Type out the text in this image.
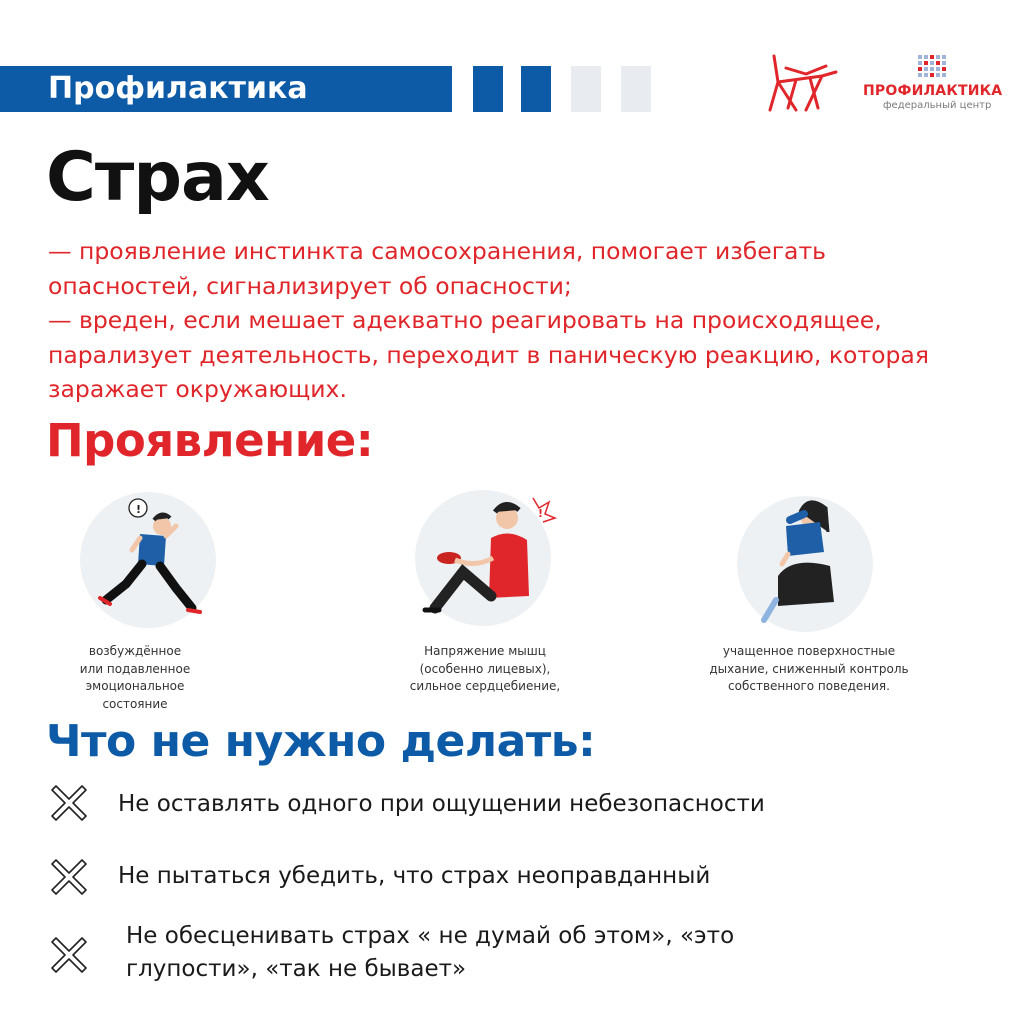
Профилактика	ПРОФИЛАКТИКА
федеральный центр
Страх

— проявление инстинкта самосохранения, помогает избегать

опасностей, сигнализирует об опасности;

— вреден, если мешает адекватно реагировать на происходящее,

парализует деятельность, переходит в паническую реакцию, которая

заражает окружающих.

Проявление:
!	!
возбуждённое
или подавленное
эмоциональное
состояние
Напряжение мышц
(особенно лицевых),
сильное сердцебиение,
учащенное поверхностные
дыхание, сниженный контроль
собственного поведения.
Что не нужно делать:
Не оставлять одного при ощущении небезопасности
Не пытаться убедить, что страх неоправданный
Не обесценивать страх « не думай об этом», «это
глупости», «так не бывает»
